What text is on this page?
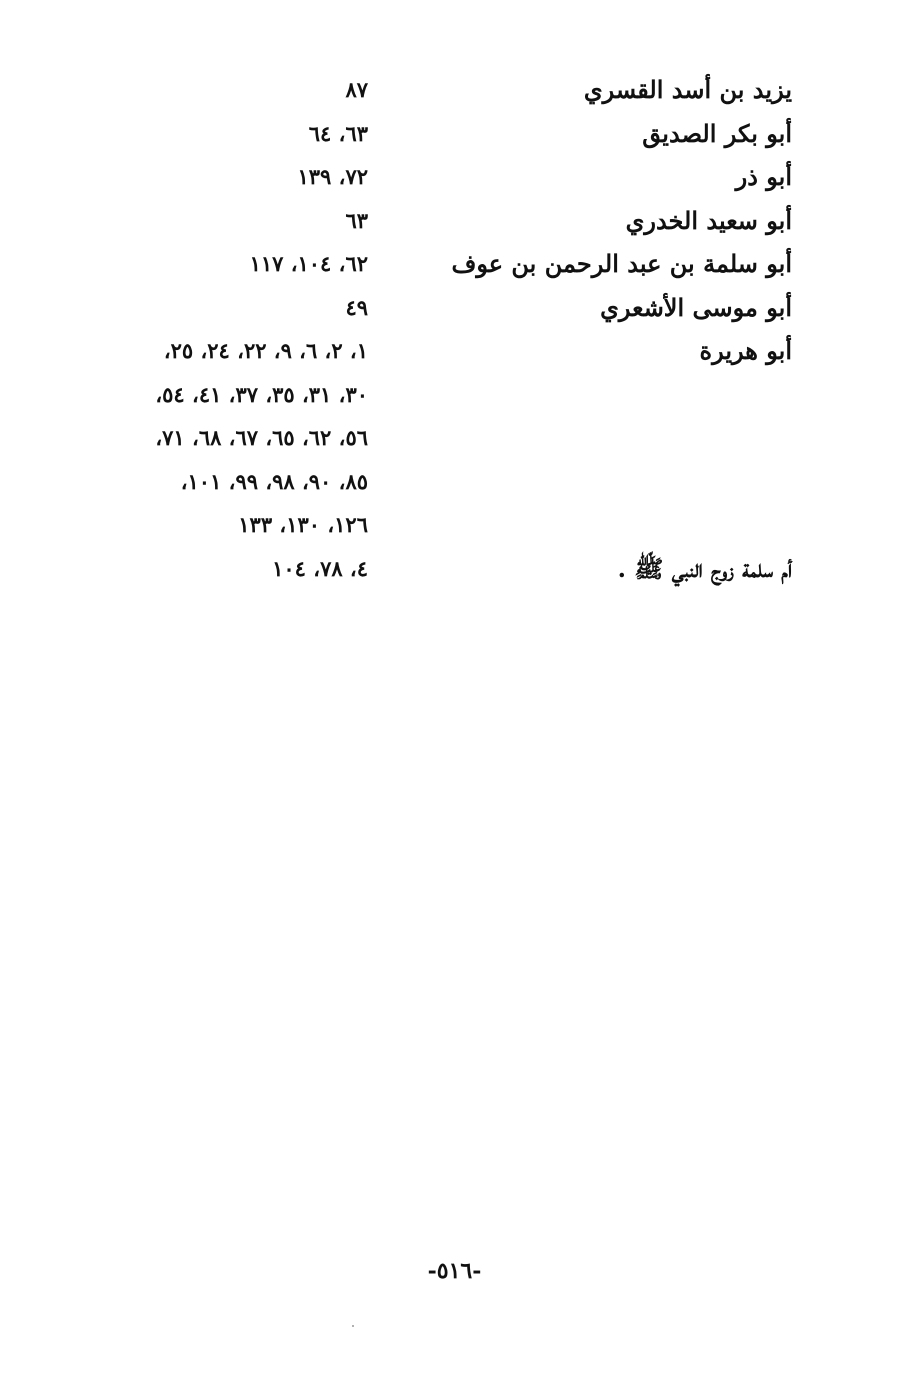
يزيد بن أسد القسري
٨٧
أبو بكر الصديق
٦٣، ٦٤
أبو ذر
٧٢، ١٣٩
أبو سعيد الخدري
٦٣
أبو سلمة بن عبد الرحمن بن عوف
٦٢، ١٠٤، ١١٧
أبو موسى الأشعري
٤٩
أبو هريرة
١، ٢، ٦، ٩، ٢٢، ٢٤، ٢٥،
٣٠، ٣١، ٣٥، ٣٧، ٤١، ٥٤،
٥٦، ٦٢، ٦٥، ٦٧، ٦٨، ٧١،
٨٥، ٩٠، ٩٨، ٩٩، ١٠١،
١٢٦، ١٣٠، ١٣٣
أم سلمة زوج النبي ﷺ .
٤، ٧٨، ١٠٤
-٥١٦-
